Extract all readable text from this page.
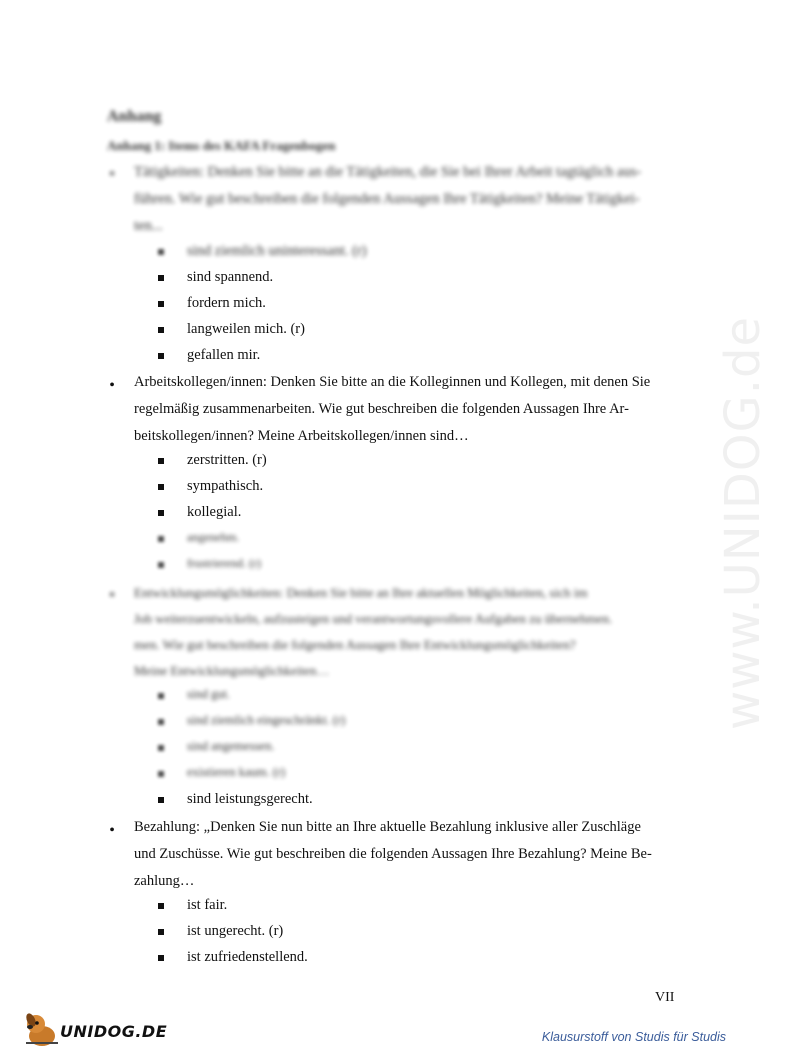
www.UNIDOG.de
Anhang
Anhang 1: Items des KAFA Fragenbogen
• Tätigkeiten: Denken Sie bitte an die Tätigkeiten, die Sie bei Ihrer Arbeit tagtäglich aus-
führen. Wie gut beschreiben die folgenden Aussagen Ihre Tätigkeiten? Meine Tätigkei-
ten...
sind ziemlich uninteressant. (r)
sind spannend.
fordern mich.
langweilen mich. (r)
gefallen mir.
• Arbeitskollegen/innen: Denken Sie bitte an die Kolleginnen und Kollegen, mit denen Sie
regelmäßig zusammenarbeiten. Wie gut beschreiben die folgenden Aussagen Ihre Ar-
beitskollegen/innen? Meine Arbeitskollegen/innen sind…
zerstritten. (r)
sympathisch.
kollegial.
angenehm.
frustrierend. (r)
• Entwicklungsmöglichkeiten: Denken Sie bitte an Ihre aktuellen Möglichkeiten, sich im
Job weiterzuentwickeln, aufzusteigen und verantwortungsvollere Aufgaben zu übernehmen.
men. Wie gut beschreiben die folgenden Aussagen Ihre Entwicklungsmöglichkeiten?
Meine Entwicklungsmöglichkeiten…
sind gut.
sind ziemlich eingeschränkt. (r)
sind angemessen.
existieren kaum. (r)
sind leistungsgerecht.
• Bezahlung: „Denken Sie nun bitte an Ihre aktuelle Bezahlung inklusive aller Zuschläge
und Zuschüsse. Wie gut beschreiben die folgenden Aussagen Ihre Bezahlung? Meine Be-
zahlung…
ist fair.
ist ungerecht. (r)
ist zufriedenstellend.
VII
UNIDOG.DE	Klausurstoff von Studis für Studis
